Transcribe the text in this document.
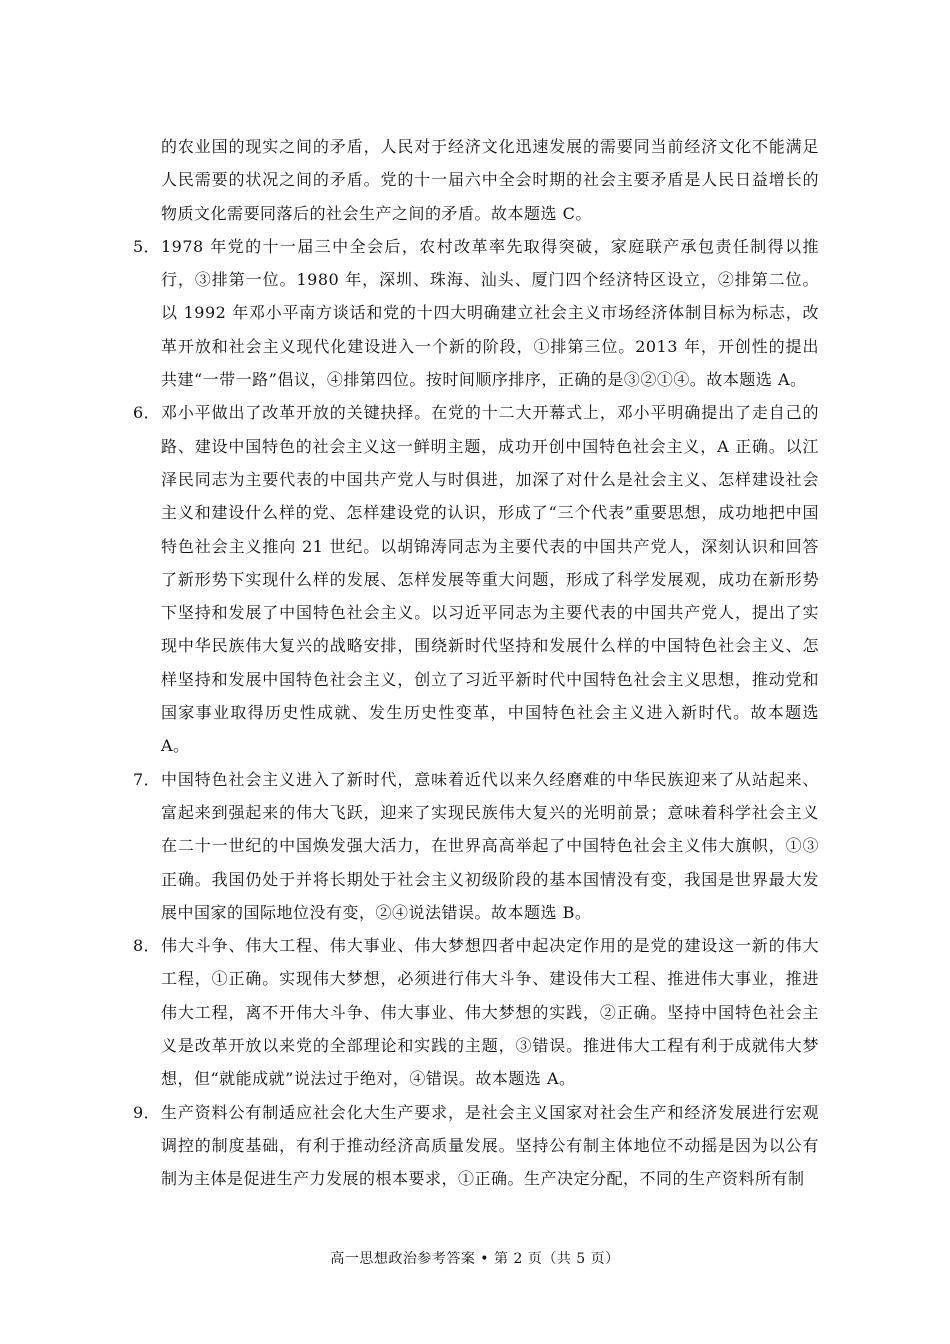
的农业国的现实之间的矛盾，人民对于经济文化迅速发展的需要同当前经济文化不能满足人民需要的状况之间的矛盾。党的十一届六中全会时期的社会主要矛盾是人民日益增长的物质文化需要同落后的社会生产之间的矛盾。故本题选 C。

5． 1978 年党的十一届三中全会后，农村改革率先取得突破，家庭联产承包责任制得以推行，③排第一位。1980 年，深圳、珠海、汕头、厦门四个经济特区设立，②排第二位。以 1992 年邓小平南方谈话和党的十四大明确建立社会主义市场经济体制目标为标志，改革开放和社会主义现代化建设进入一个新的阶段，①排第三位。2013 年，开创性的提出共建“一带一路”倡议，④排第四位。按时间顺序排序，正确的是③②①④。故本题选 A。
6． 邓小平做出了改革开放的关键抉择。在党的十二大开幕式上，邓小平明确提出了走自己的路、建设中国特色的社会主义这一鲜明主题，成功开创中国特色社会主义，A 正确。以江泽民同志为主要代表的中国共产党人与时俱进，加深了对什么是社会主义、怎样建设社会主义和建设什么样的党、怎样建设党的认识，形成了“三个代表”重要思想，成功地把中国特色社会主义推向 21 世纪。以胡锦涛同志为主要代表的中国共产党人，深刻认识和回答了新形势下实现什么样的发展、怎样发展等重大问题，形成了科学发展观，成功在新形势下坚持和发展了中国特色社会主义。以习近平同志为主要代表的中国共产党人，提出了实现中华民族伟大复兴的战略安排，围绕新时代坚持和发展什么样的中国特色社会主义、怎样坚持和发展中国特色社会主义，创立了习近平新时代中国特色社会主义思想，推动党和国家事业取得历史性成就、发生历史性变革，中国特色社会主义进入新时代。故本题选 A。
7． 中国特色社会主义进入了新时代，意味着近代以来久经磨难的中华民族迎来了从站起来、富起来到强起来的伟大飞跃，迎来了实现民族伟大复兴的光明前景；意味着科学社会主义在二十一世纪的中国焕发强大活力，在世界高高举起了中国特色社会主义伟大旗帜，①③正确。我国仍处于并将长期处于社会主义初级阶段的基本国情没有变，我国是世界最大发展中国家的国际地位没有变，②④说法错误。故本题选 B。
8． 伟大斗争、伟大工程、伟大事业、伟大梦想四者中起决定作用的是党的建设这一新的伟大工程，①正确。实现伟大梦想，必须进行伟大斗争、建设伟大工程、推进伟大事业，推进伟大工程，离不开伟大斗争、伟大事业、伟大梦想的实践，②正确。坚持中国特色社会主义是改革开放以来党的全部理论和实践的主题，③错误。推进伟大工程有利于成就伟大梦想，但“就能成就”说法过于绝对，④错误。故本题选 A。
9． 生产资料公有制适应社会化大生产要求，是社会主义国家对社会生产和经济发展进行宏观调控的制度基础，有利于推动经济高质量发展。坚持公有制主体地位不动摇是因为以公有制为主体是促进生产力发展的根本要求，①正确。生产决定分配，不同的生产资料所有制
高一思想政治参考答案 • 第 2 页（共 5 页）
